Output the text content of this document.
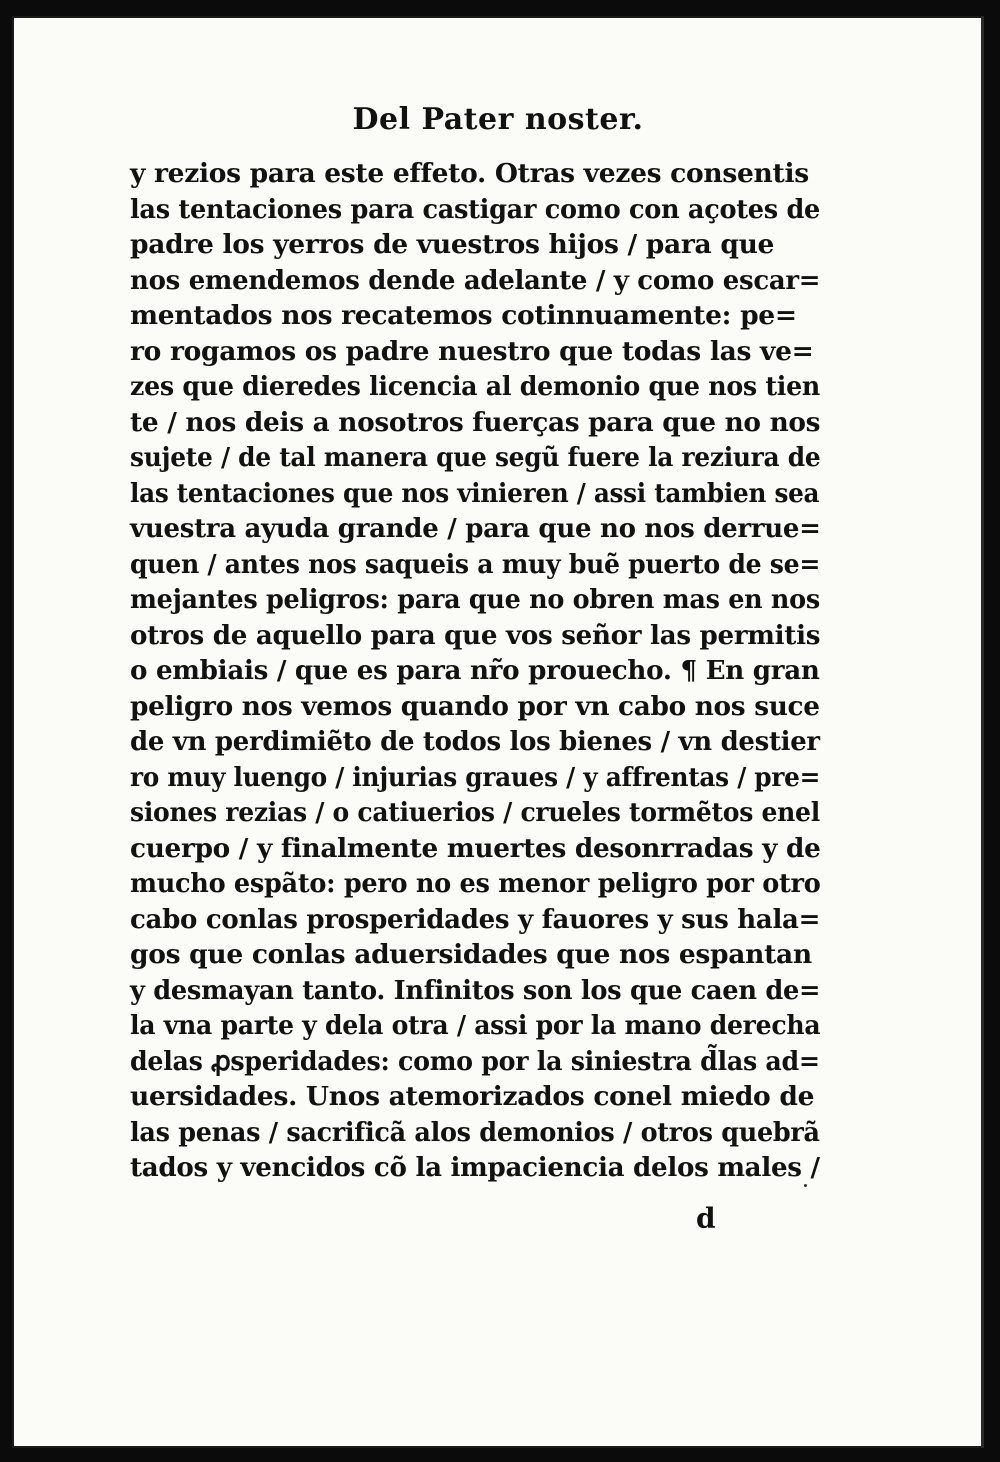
Del Pater noster.
y rezios para este effeto. Otras vezes consentis
las tentaciones para castigar como con açotes de
padre los yerros de vuestros hijos / para que
nos emendemos dende adelante / y como escar=
mentados nos recatemos cotinnuamente: pe=
ro rogamos os padre nuestro que todas las ve=
zes que dieredes licencia al demonio que nos tien
te / nos deis a nosotros fuerças para que no nos
sujete / de tal manera que segũ fuere la reziura de
las tentaciones que nos vinieren / assi tambien sea
vuestra ayuda grande / para que no nos derrue=
quen / antes nos saqueis a muy buẽ puerto de se=
mejantes peligros: para que no obren mas en nos
otros de aquello para que vos señor las permitis
o embiais / que es para nr̃o prouecho. ¶ En gran
peligro nos vemos quando por vn cabo nos suce
de vn perdimiẽto de todos los bienes / vn destier
ro muy luengo / injurias graues / y affrentas / pre=
siones rezias / o catiuerios / crueles tormẽtos enel
cuerpo / y finalmente muertes desonrradas y de
mucho espãto: pero no es menor peligro por otro
cabo conlas prosperidades y fauores y sus hala=
gos que conlas aduersidades que nos espantan
y desmayan tanto. Infinitos son los que caen de=
la vna parte y dela otra / assi por la mano derecha
delas ꝓsperidades: como por la siniestra d̃las ad=
uersidades. Unos atemorizados conel miedo de
las penas / sacrificã alos demonios / otros quebrã
tados y vencidos cõ la impaciencia delos males /
d
